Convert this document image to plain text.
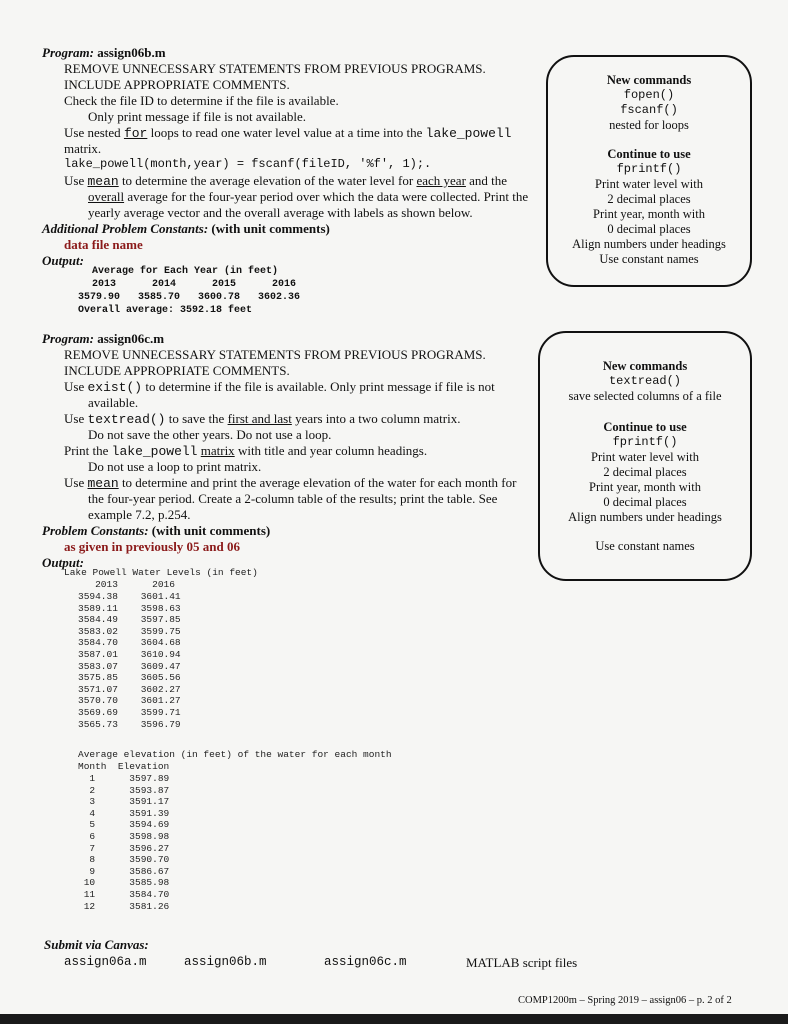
Program: assign06b.m
REMOVE UNNECESSARY STATEMENTS FROM PREVIOUS PROGRAMS.
INCLUDE APPROPRIATE COMMENTS.
Check the file ID to determine if the file is available.
Only print message if file is not available.
Use nested for loops to read one water level value at a time into the lake_powell
matrix.
lake_powell(month,year) = fscanf(fileID, '%f', 1);.
Use mean to determine the average elevation of the water level for each year and the
overall average for the four-year period over which the data were collected. Print the
yearly average vector and the overall average with labels as shown below.
Additional Problem Constants: (with unit comments)
data file name
Output:
Average for Each Year (in feet)
2013      2014      2015      2016
3579.90   3585.70   3600.78   3602.36
Overall average: 3592.18 feet
New commands
fopen()
fscanf()
nested for loops
Continue to use
fprintf()
Print water level with
2 decimal places
Print year, month with
0 decimal places
Align numbers under headings
Use constant names
Program: assign06c.m
REMOVE UNNECESSARY STATEMENTS FROM PREVIOUS PROGRAMS.
INCLUDE APPROPRIATE COMMENTS.
Use exist() to determine if the file is available. Only print message if file is not
available.
Use textread() to save the first and last years into a two column matrix.
Do not save the other years. Do not use a loop.
Print the lake_powell matrix with title and year column headings.
Do not use a loop to print matrix.
Use mean to determine and print the average elevation of the water for each month for
the four-year period. Create a 2-column table of the results; print the table. See
example 7.2, p.254.
Problem Constants: (with unit comments)
as given in previously 05 and 06
Output:
Lake Powell Water Levels (in feet)
2013      2016
3594.38    3601.41
3589.11    3598.63
3584.49    3597.85
3583.02    3599.75
3584.70    3604.68
3587.01    3610.94
3583.07    3609.47
3575.85    3605.56
3571.07    3602.27
3570.70    3601.27
3569.69    3599.71
3565.73    3596.79
Average elevation (in feet) of the water for each month
Month  Elevation
1      3597.89
2      3593.87
3      3591.17
4      3591.39
5      3594.69
6      3598.98
7      3596.27
8      3590.70
9      3586.67
10      3585.98
11      3584.70
12      3581.26
New commands
textread()
save selected columns of a file
Continue to use
fprintf()
Print water level with
2 decimal places
Print year, month with
0 decimal places
Align numbers under headings
Use constant names
Submit via Canvas:
assign06a.m	assign06b.m	assign06c.m	MATLAB script files
COMP1200m – Spring 2019 – assign06 – p. 2 of 2
